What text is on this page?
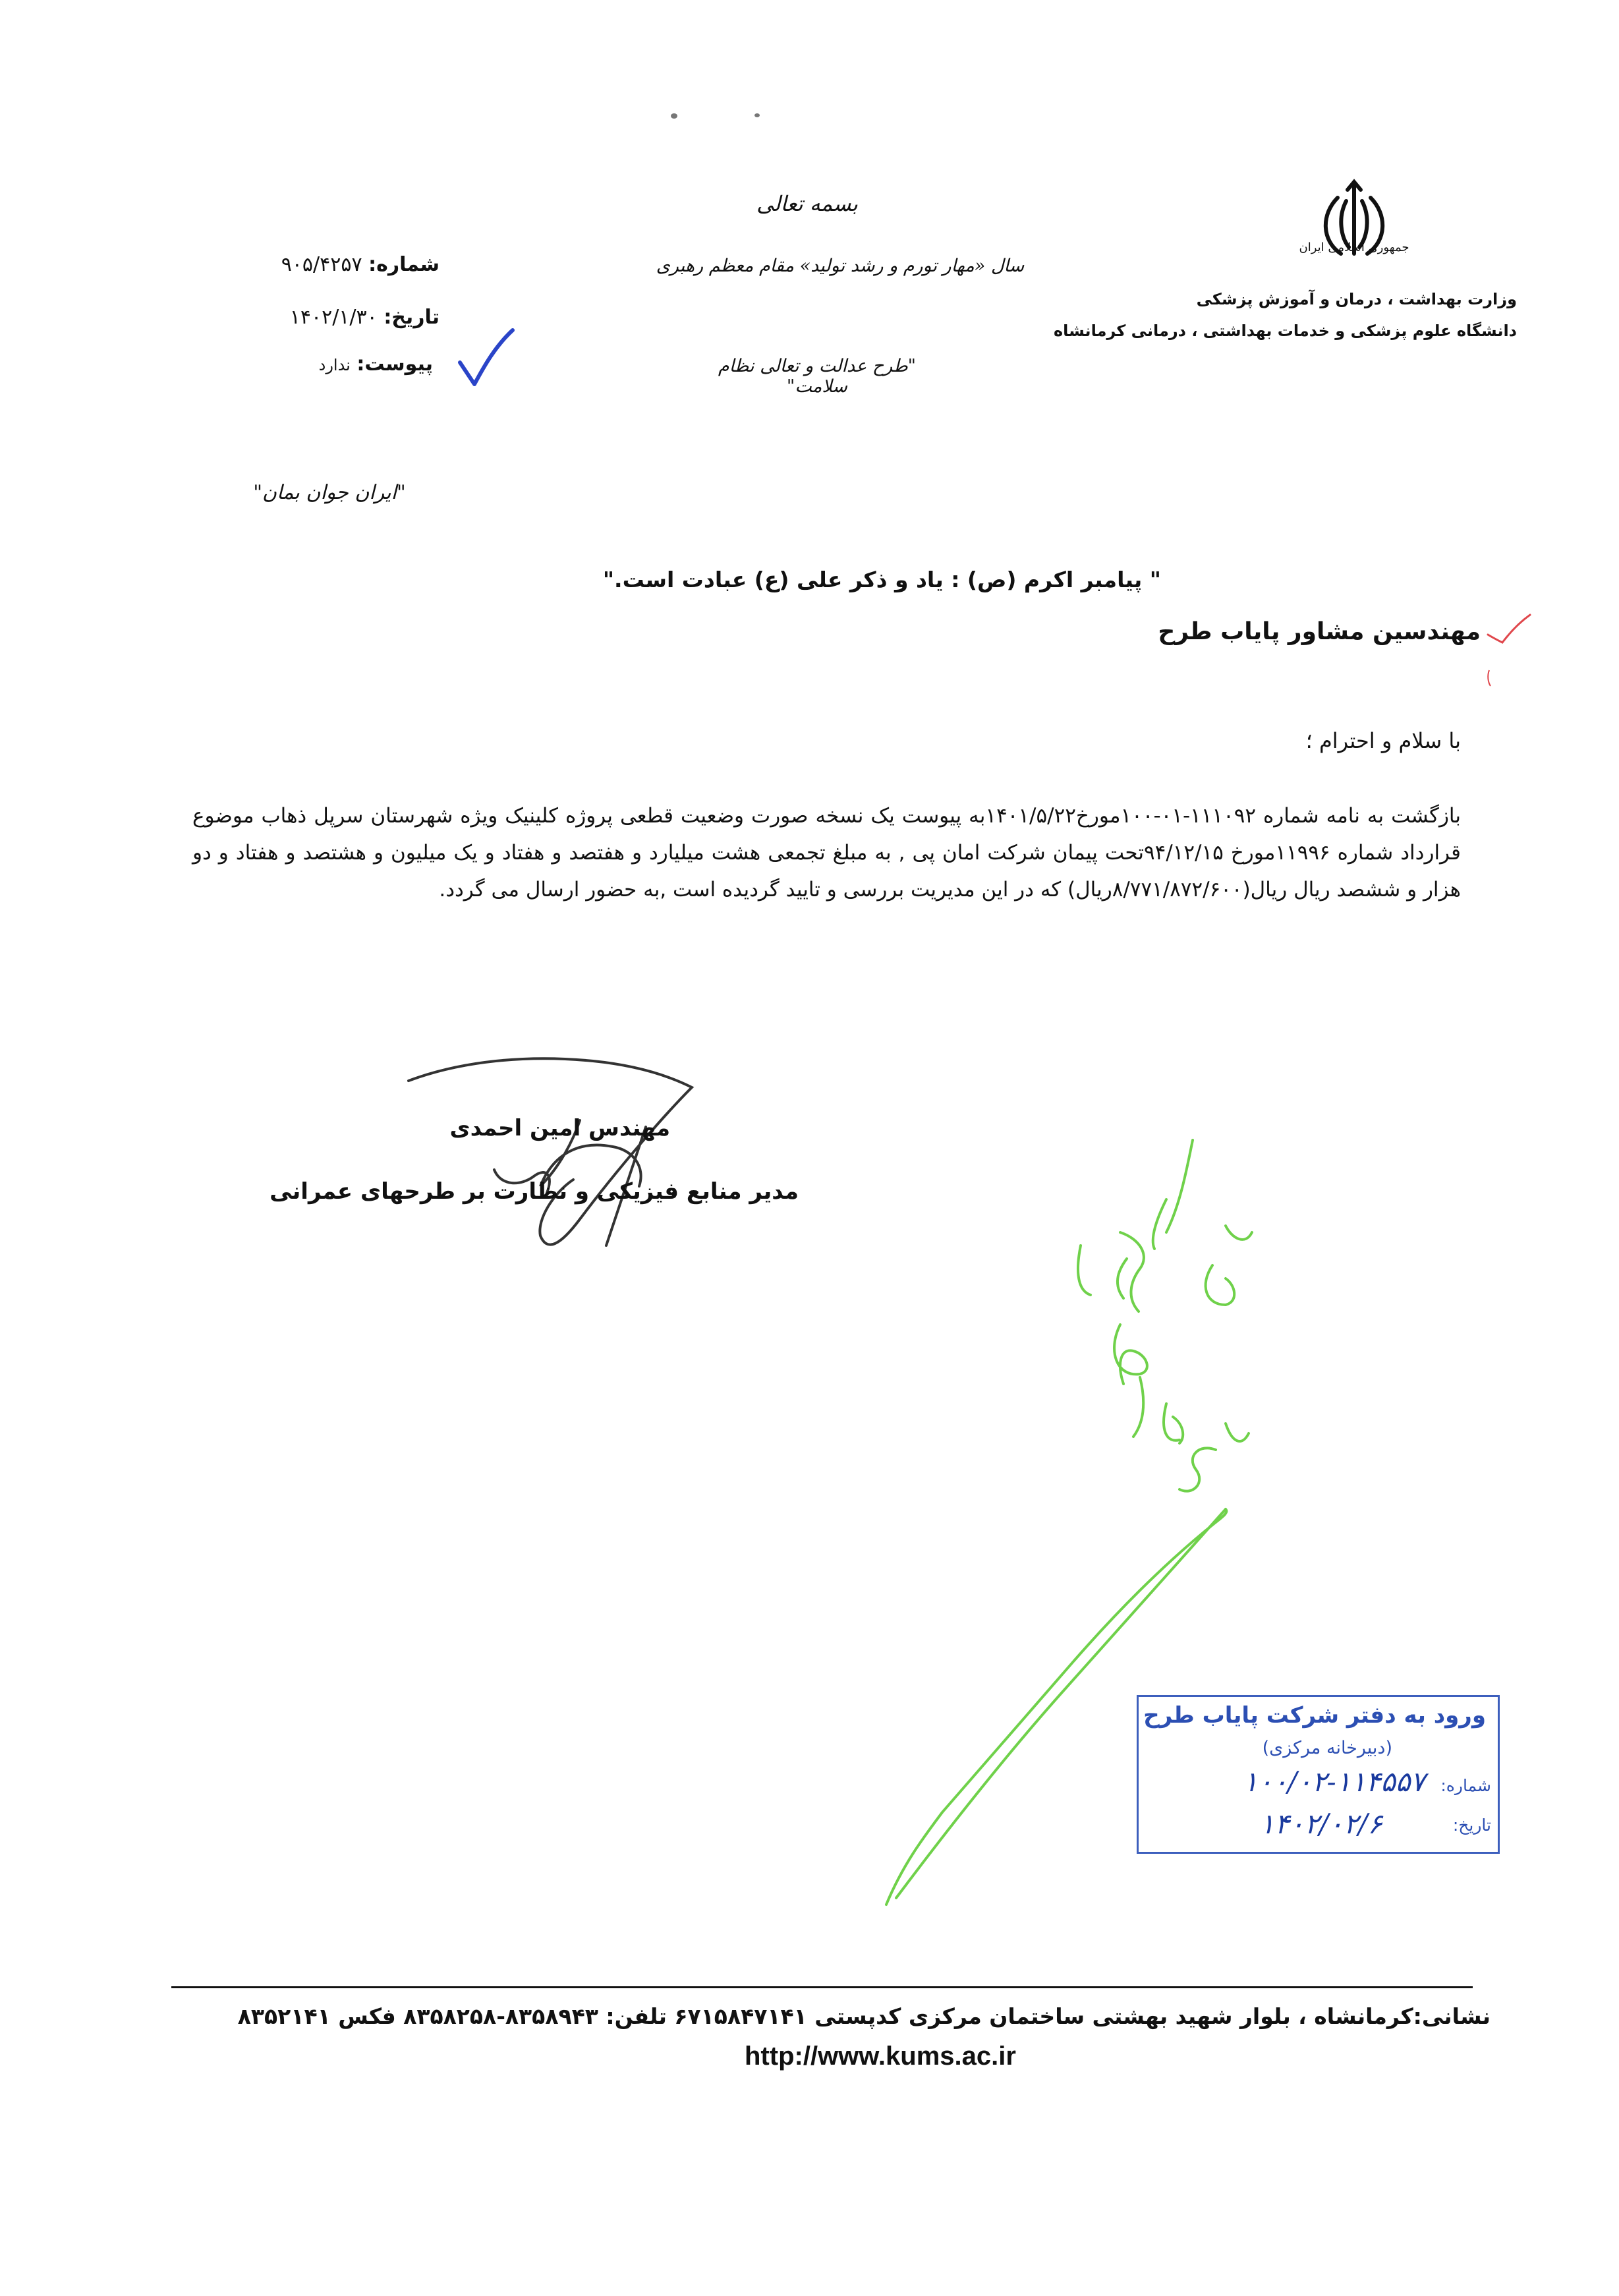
جمهوری اسلامی ایران
وزارت بهداشت ، درمان و آموزش پزشکی
دانشگاه علوم پزشکی و خدمات بهداشتی ، درمانی کرمانشاه
بسمه تعالی
سال «مهار تورم و رشد تولید» مقام معظم رهبری
"طرح عدالت و تعالی نظام سلامت"
"ایران جوان بمان"
شماره: ۹۰۵/۴۲۵۷
تاریخ: ۱۴۰۲/۱/۳۰
پیوست: ندارد
" پیامبر اکرم (ص) : یاد و ذکر علی (ع) عبادت است."
مهندسین مشاور پایاب طرح
با سلام و احترام ؛
بازگشت به نامه شماره ۱۱۱۰۹۲-۰۱-۱۰۰مورخ۱۴۰۱/۵/۲۲به پیوست یک نسخه صورت وضعیت قطعی پروژه کلینیک ویژه شهرستان سرپل ذهاب موضوع قرارداد شماره ۱۱۹۹۶مورخ ۹۴/۱۲/۱۵تحت پیمان شرکت امان پی , به مبلغ تجمعی هشت میلیارد و هفتصد و هفتاد و یک میلیون و هشتصد و هفتاد و دو هزار و ششصد ریال ریال(۸/۷۷۱/۸۷۲/۶۰۰ریال) که در این مدیریت بررسی و تایید گردیده است ,به حضور ارسال می گردد.
مهندس امین احمدی
مدیر منابع فیزیکی و نظارت بر طرحهای عمرانی
ورود به دفتر شرکت پایاب طرح
(دبیرخانه مرکزی)
شماره:
۱۰۰/۰۲-۱۱۴۵۵۷
تاریخ:
۱۴۰۲/۰۲/۶
نشانی:کرمانشاه ، بلوار شهید بهشتی ساختمان مرکزی کدپستی ۶۷۱۵۸۴۷۱۴۱ تلفن: ۸۳۵۸۹۴۳-۸۳۵۸۲۵۸ فکس ۸۳۵۲۱۴۱
http://www.kums.ac.ir
